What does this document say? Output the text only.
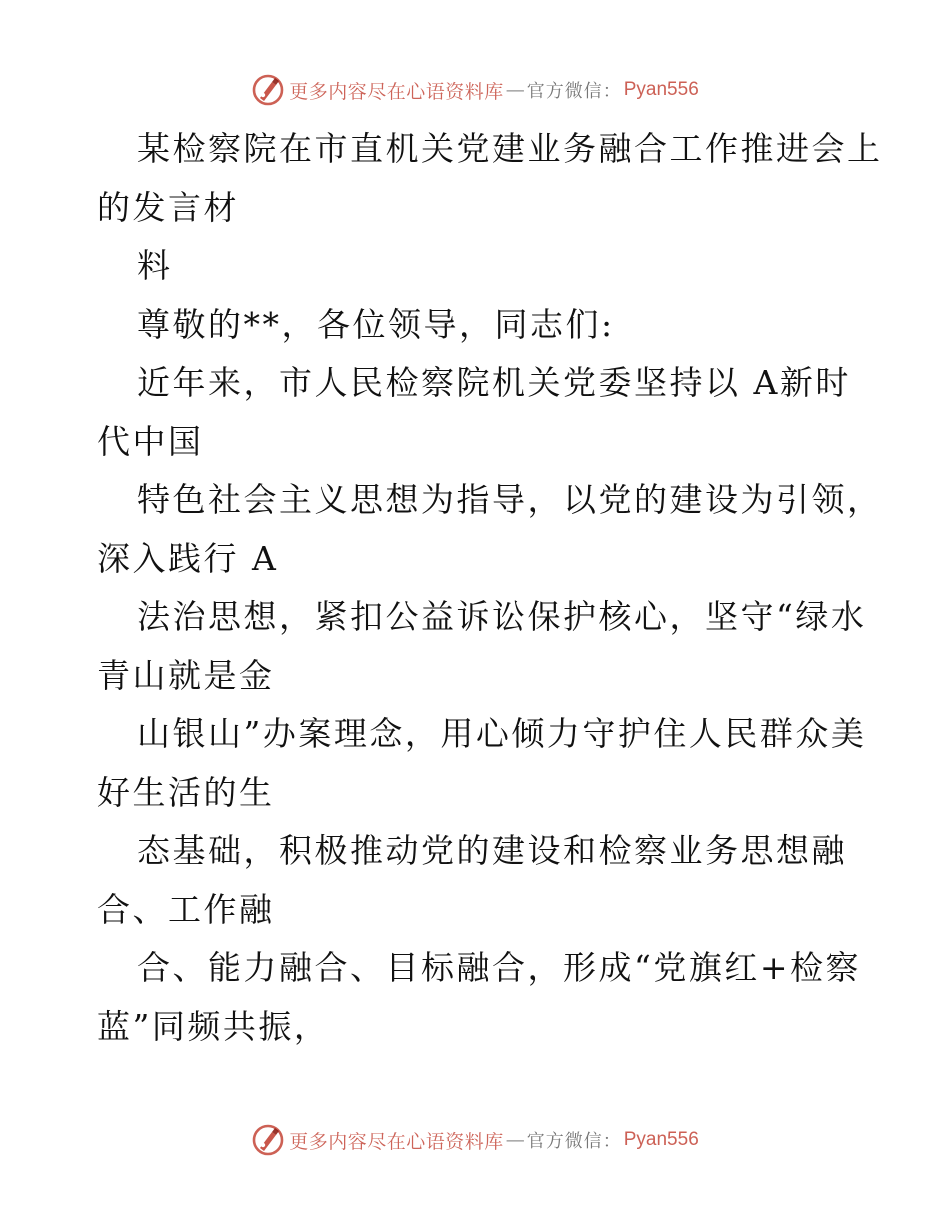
更多内容尽在心语资料库 — 官方微信： Pyan556
某检察院在市直机关党建业务融合工作推进会上
的发言材
料
尊敬的**，各位领导，同志们:
近年来，市人民检察院机关党委坚持以 A新时
代中国
特色社会主义思想为指导，以党的建设为引领，
深入践行 A
法治思想，紧扣公益诉讼保护核心，坚守“绿水
青山就是金
山银山”办案理念，用心倾力守护住人民群众美
好生活的生
态基础，积极推动党的建设和检察业务思想融
合、工作融
合、能力融合、目标融合，形成“党旗红+检察
蓝”同频共振，
更多内容尽在心语资料库 — 官方微信： Pyan556
